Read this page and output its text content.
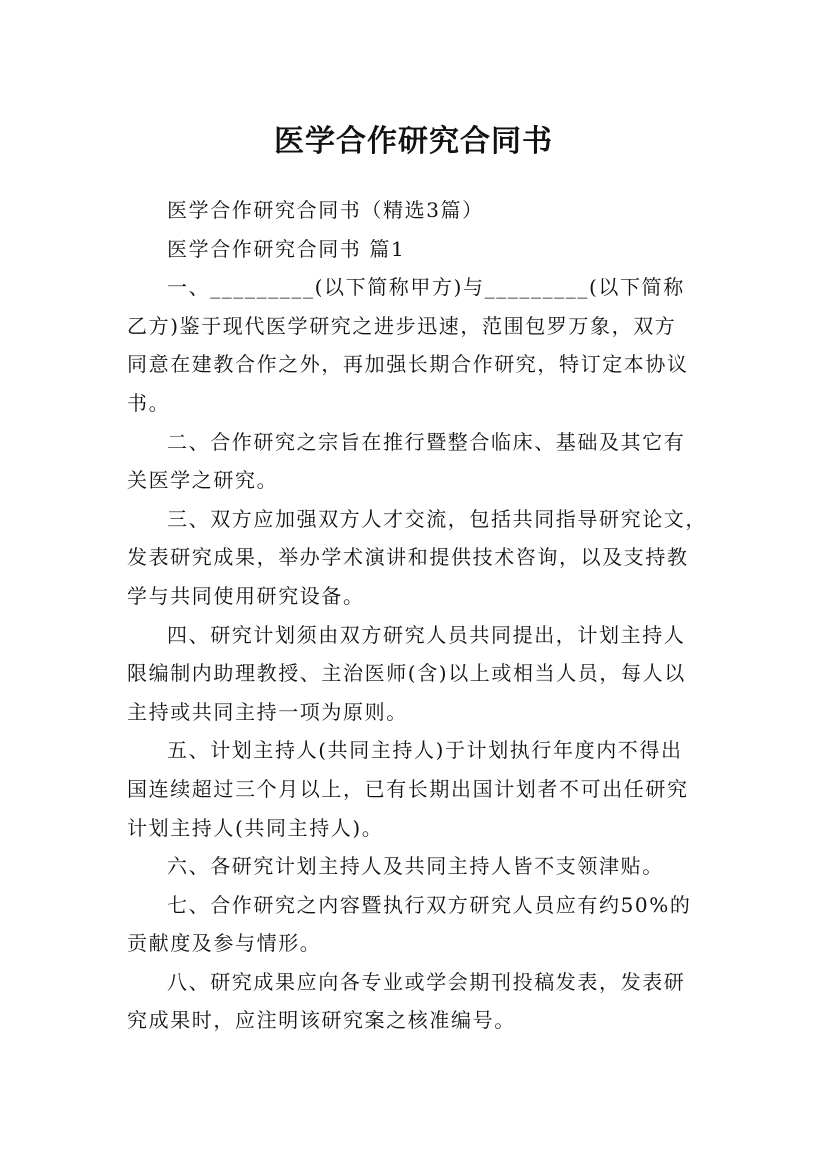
医学合作研究合同书

医学合作研究合同书（精选3篇）

医学合作研究合同书 篇1

一、_________(以下简称甲方)与_________(以下简称
乙方)鉴于现代医学研究之进步迅速，范围包罗万象，双方
同意在建教合作之外，再加强长期合作研究，特订定本协议
书。

二、合作研究之宗旨在推行暨整合临床、基础及其它有
关医学之研究。

三、双方应加强双方人才交流，包括共同指导研究论文，
发表研究成果，举办学术演讲和提供技术咨询，以及支持教
学与共同使用研究设备。

四、研究计划须由双方研究人员共同提出，计划主持人
限编制内助理教授、主治医师(含)以上或相当人员，每人以
主持或共同主持一项为原则。

五、计划主持人(共同主持人)于计划执行年度内不得出
国连续超过三个月以上，已有长期出国计划者不可出任研究
计划主持人(共同主持人)。

六、各研究计划主持人及共同主持人皆不支领津贴。

七、合作研究之内容暨执行双方研究人员应有约50%的
贡献度及参与情形。

八、研究成果应向各专业或学会期刊投稿发表，发表研
究成果时，应注明该研究案之核准编号。
